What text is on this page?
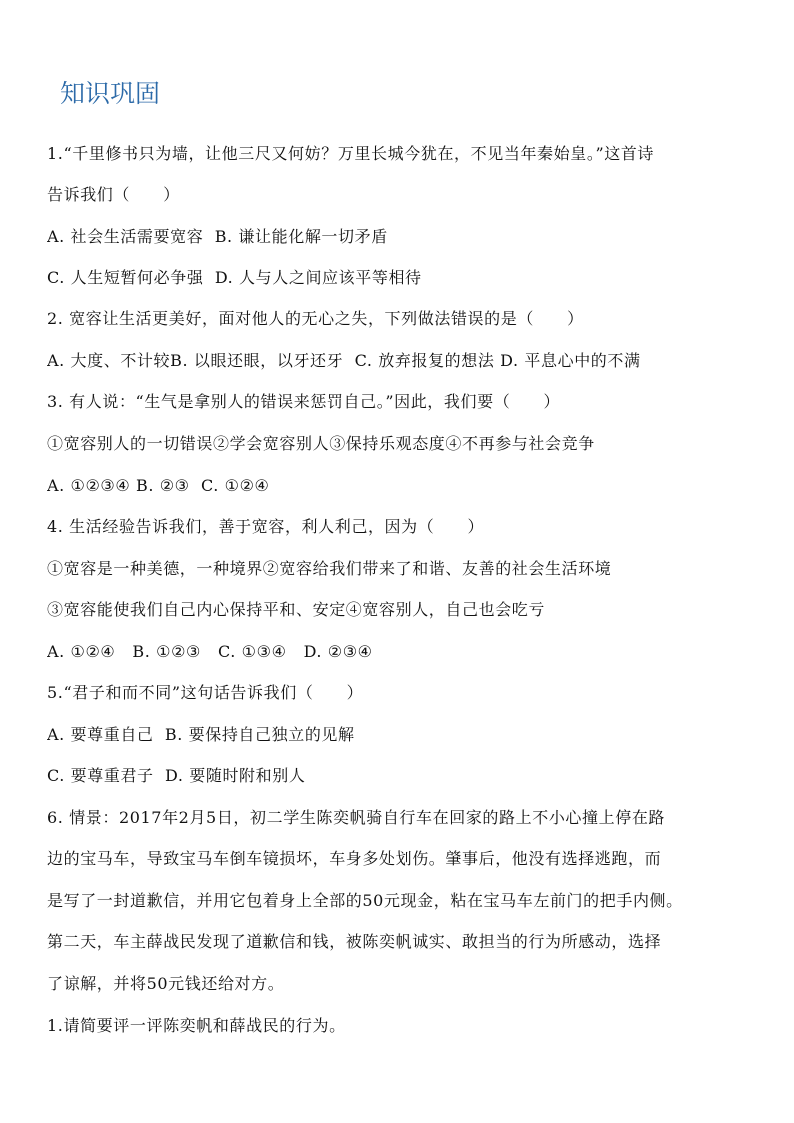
知识巩固
1.“千里修书只为墙，让他三尺又何妨？万里长城今犹在，不见当年秦始皇。”这首诗
告诉我们（　　）
A. 社会生活需要宽容  B. 谦让能化解一切矛盾
C. 人生短暂何必争强  D. 人与人之间应该平等相待
2. 宽容让生活更美好，面对他人的无心之失，下列做法错误的是（　　）
A. 大度、不计较B. 以眼还眼，以牙还牙  C. 放弃报复的想法 D. 平息心中的不满
3. 有人说：“生气是拿别人的错误来惩罚自己。”因此，我们要（　　）
①宽容别人的一切错误②学会宽容别人③保持乐观态度④不再参与社会竞争
A. ①②③④ B. ②③  C. ①②④
4. 生活经验告诉我们，善于宽容，利人利己，因为（　　）
①宽容是一种美德，一种境界②宽容给我们带来了和谐、友善的社会生活环境
③宽容能使我们自己内心保持平和、安定④宽容别人，自己也会吃亏
A. ①②④   B. ①②③   C. ①③④   D. ②③④
5.“君子和而不同”这句话告诉我们（　　）
A. 要尊重自己  B. 要保持自己独立的见解
C. 要尊重君子  D. 要随时附和别人
6. 情景：2017年2月5日，初二学生陈奕帆骑自行车在回家的路上不小心撞上停在路
边的宝马车，导致宝马车倒车镜损坏，车身多处划伤。肇事后，他没有选择逃跑，而
是写了一封道歉信，并用它包着身上全部的50元现金，粘在宝马车左前门的把手内侧。
第二天，车主薛战民发现了道歉信和钱，被陈奕帆诚实、敢担当的行为所感动，选择
了谅解，并将50元钱还给对方。
1.请简要评一评陈奕帆和薛战民的行为。
